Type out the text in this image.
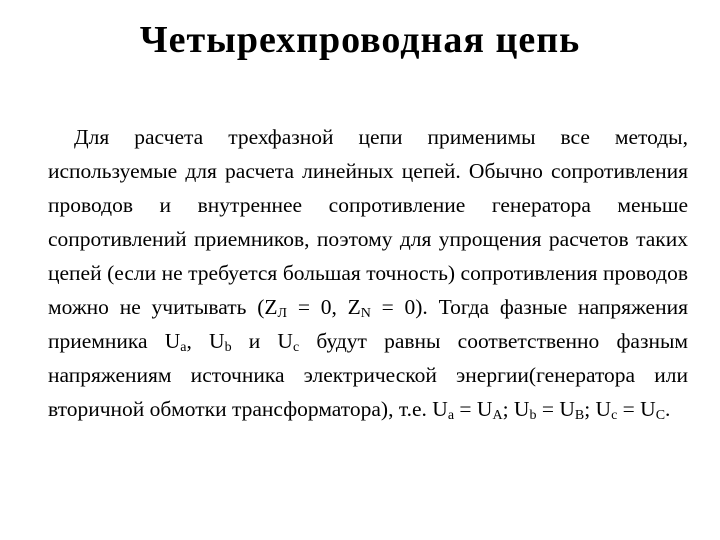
Четырехпроводная цепь

Для расчета трехфазной цепи применимы все методы, используемые для расчета линейных цепей. Обычно сопротивления проводов и внутреннее сопротивление генератора меньше сопротивлений приемников, поэтому для упрощения расчетов таких цепей (если не требуется большая точность) сопротивления проводов можно не учитывать ($Z_Л = 0$, $Z_N = 0$). Тогда фазные напряжения приемника $U_a$, $U_b$ и $U_c$ будут равны соответственно фазным напряжениям источника электрической энергии(генератора или вторичной обмотки трансформатора), т.е. $U_a = U_A$; $U_b = U_B$; $U_c = U_C$.
